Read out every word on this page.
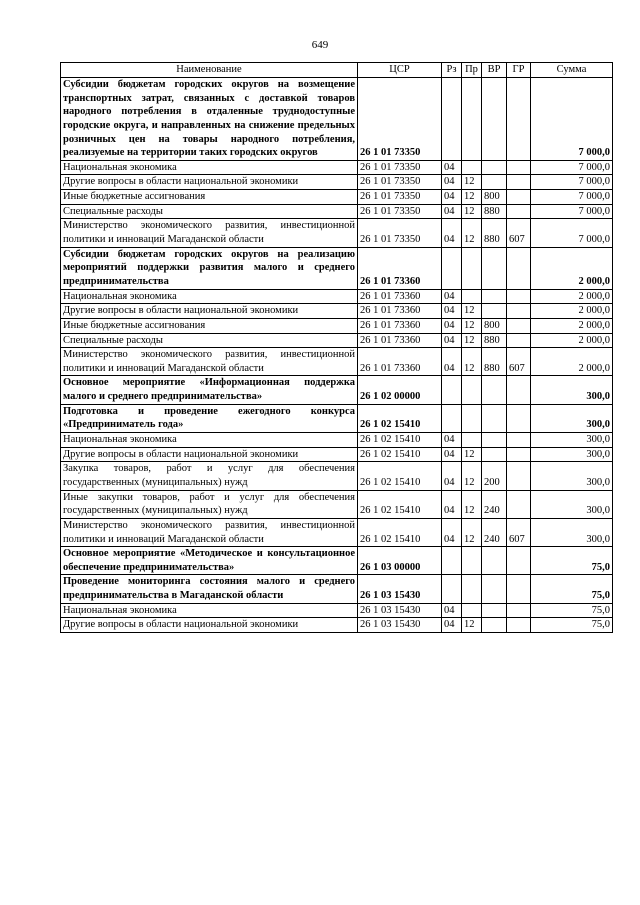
649
Наименование	ЦСР	Рз	Пр	ВР	ГР	Сумма
Субсидии бюджетам городских округов на возмещение транспортных затрат, связанных с доставкой товаров народного потребления в отдаленные труднодоступные городские округа, и направленных на снижение предельных розничных цен на товары народного потребления, реализуемые на территории таких городских округов	26 1 01 73350					7 000,0
Национальная экономика	26 1 01 73350	04				7 000,0
Другие вопросы в области национальной экономики	26 1 01 73350	04	12			7 000,0
Иные бюджетные ассигнования	26 1 01 73350	04	12	800		7 000,0
Специальные расходы	26 1 01 73350	04	12	880		7 000,0
Министерство экономического развития, инвестиционной политики и инноваций Магаданской области	26 1 01 73350	04	12	880	607	7 000,0
Субсидии бюджетам городских округов на реализацию мероприятий поддержки развития малого и среднего предпринимательства	26 1 01 73360					2 000,0
Национальная экономика	26 1 01 73360	04				2 000,0
Другие вопросы в области национальной экономики	26 1 01 73360	04	12			2 000,0
Иные бюджетные ассигнования	26 1 01 73360	04	12	800		2 000,0
Специальные расходы	26 1 01 73360	04	12	880		2 000,0
Министерство экономического развития, инвестиционной политики и инноваций Магаданской области	26 1 01 73360	04	12	880	607	2 000,0
Основное мероприятие «Информационная поддержка малого и среднего предпринимательства»	26 1 02 00000					300,0
Подготовка и проведение ежегодного конкурса «Предприниматель года»	26 1 02 15410					300,0
Национальная экономика	26 1 02 15410	04				300,0
Другие вопросы в области национальной экономики	26 1 02 15410	04	12			300,0
Закупка товаров, работ и услуг для обеспечения государственных (муниципальных) нужд	26 1 02 15410	04	12	200		300,0
Иные закупки товаров, работ и услуг для обеспечения государственных (муниципальных) нужд	26 1 02 15410	04	12	240		300,0
Министерство экономического развития, инвестиционной политики и инноваций Магаданской области	26 1 02 15410	04	12	240	607	300,0
Основное мероприятие «Методическое и консультационное обеспечение предпринимательства»	26 1 03 00000					75,0
Проведение мониторинга состояния малого и среднего предпринимательства в Магаданской области	26 1 03 15430					75,0
Национальная экономика	26 1 03 15430	04				75,0
Другие вопросы в области национальной экономики	26 1 03 15430	04	12			75,0
